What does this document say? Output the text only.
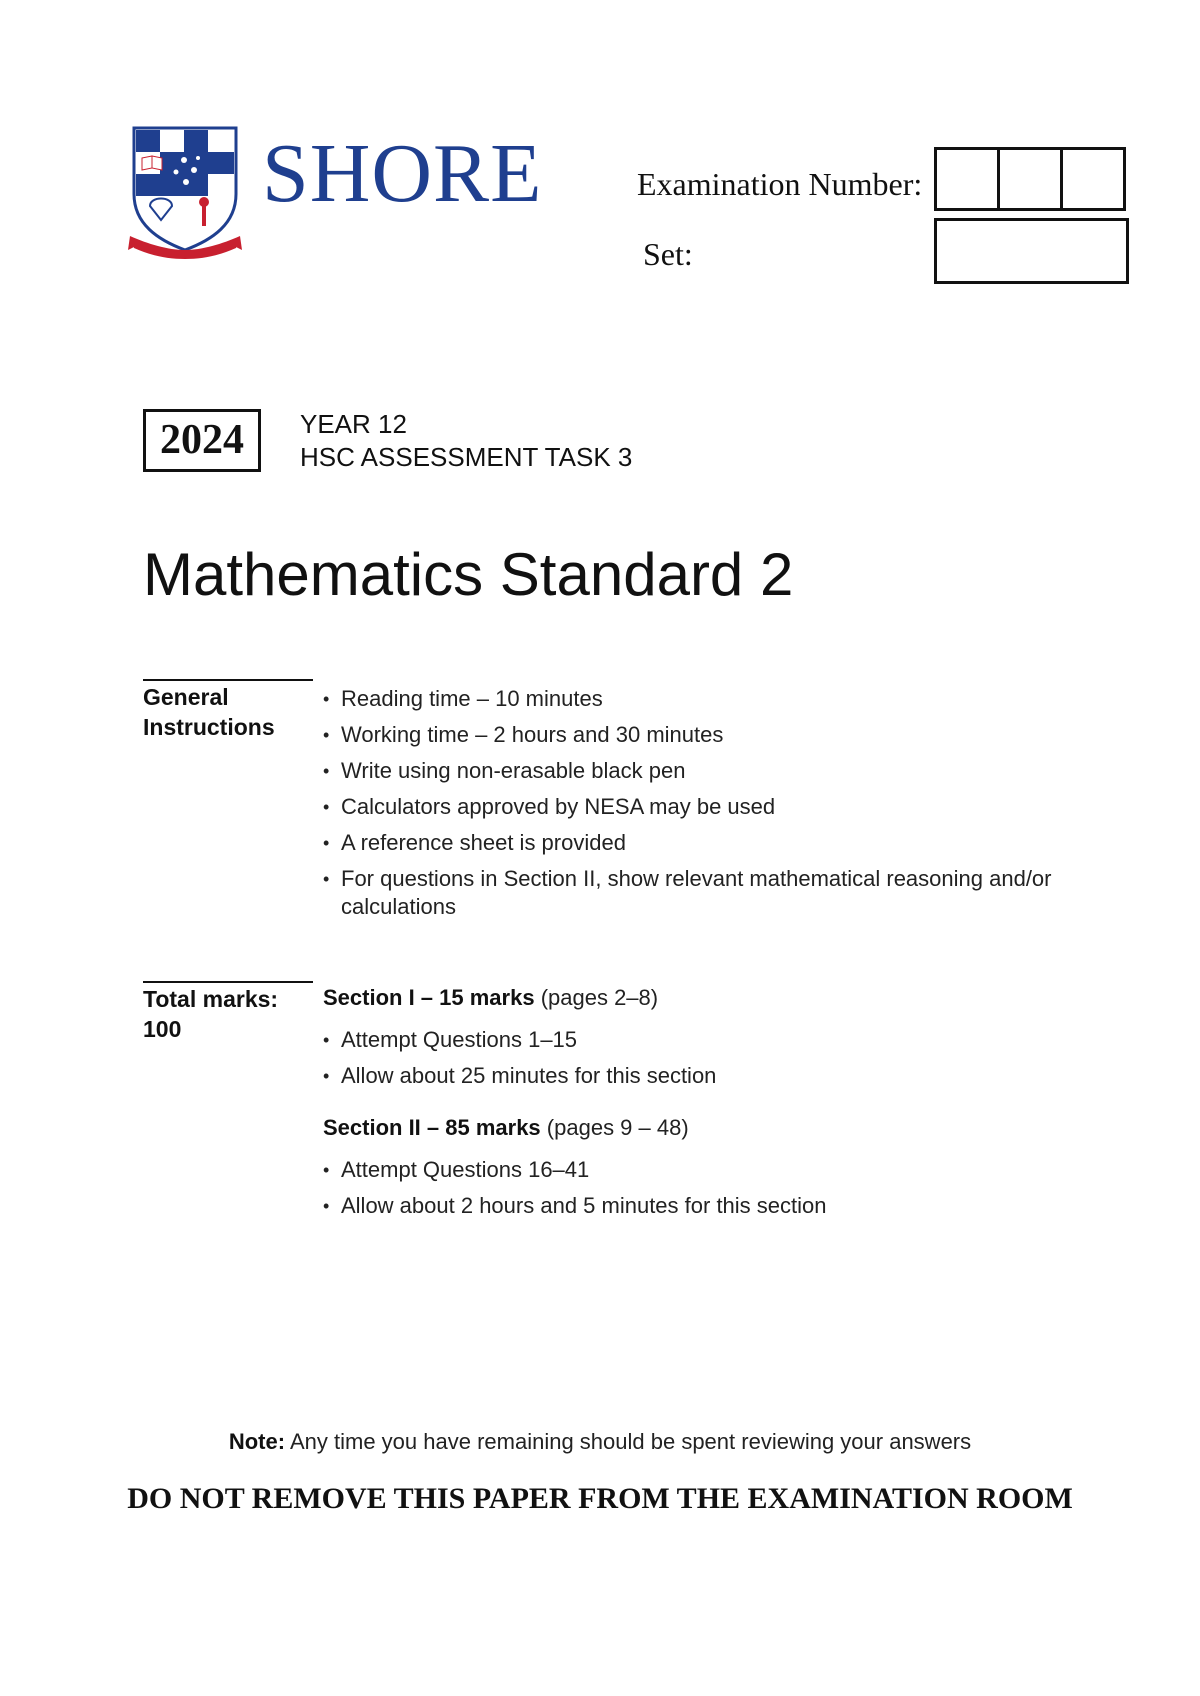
SHORE	Examination Number:
Set:
2024	YEAR 12
HSC ASSESSMENT TASK 3
Mathematics Standard 2
General
Instructions
• Reading time – 10 minutes
• Working time – 2 hours and 30 minutes
• Write using non-erasable black pen
• Calculators approved by NESA may be used
• A reference sheet is provided
• For questions in Section II, show relevant mathematical reasoning and/or calculations
Total marks:
100
Section I – 15 marks (pages 2–8)
• Attempt Questions 1–15
• Allow about 25 minutes for this section
Section II – 85 marks (pages 9 – 48)
• Attempt Questions 16–41
• Allow about 2 hours and 5 minutes for this section
Note: Any time you have remaining should be spent reviewing your answers
DO NOT REMOVE THIS PAPER FROM THE EXAMINATION ROOM
